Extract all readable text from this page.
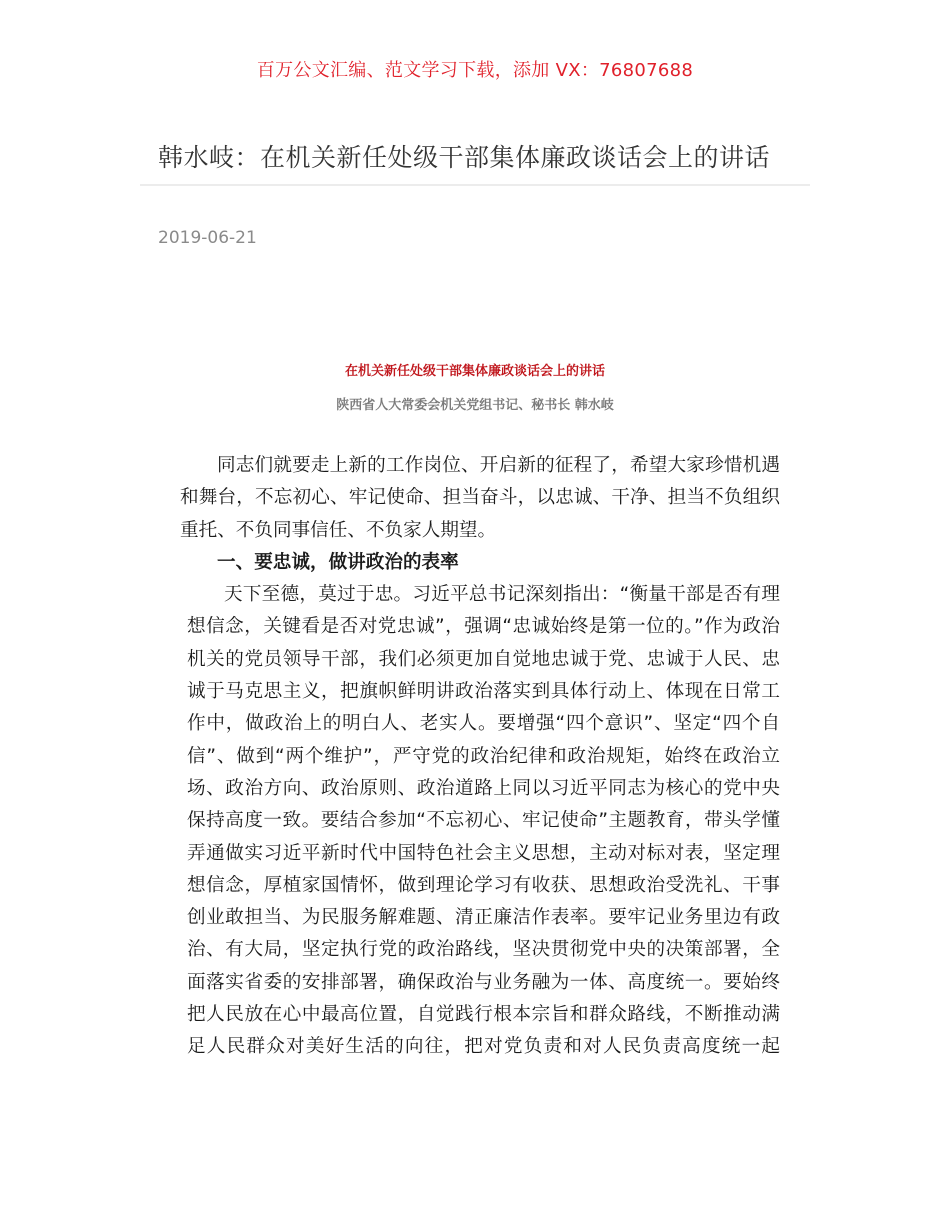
百万公文汇编、范文学习下载，添加 VX：76807688
韩水岐：在机关新任处级干部集体廉政谈话会上的讲话
2019-06-21
在机关新任处级干部集体廉政谈话会上的讲话
陕西省人大常委会机关党组书记、秘书长 韩水岐

同志们就要走上新的工作岗位、开启新的征程了，希望大家珍惜机遇和舞台，不忘初心、牢记使命、担当奋斗，以忠诚、干净、担当不负组织重托、不负同事信任、不负家人期望。

一、要忠诚，做讲政治的表率

天下至德，莫过于忠。习近平总书记深刻指出：“衡量干部是否有理想信念，关键看是否对党忠诚”，强调“忠诚始终是第一位的。”作为政治机关的党员领导干部，我们必须更加自觉地忠诚于党、忠诚于人民、忠诚于马克思主义，把旗帜鲜明讲政治落实到具体行动上、体现在日常工作中，做政治上的明白人、老实人。要增强“四个意识”、坚定“四个自信”、做到“两个维护”，严守党的政治纪律和政治规矩，始终在政治立场、政治方向、政治原则、政治道路上同以习近平同志为核心的党中央保持高度一致。要结合参加“不忘初心、牢记使命”主题教育，带头学懂弄通做实习近平新时代中国特色社会主义思想，主动对标对表，坚定理想信念，厚植家国情怀，做到理论学习有收获、思想政治受洗礼、干事创业敢担当、为民服务解难题、清正廉洁作表率。要牢记业务里边有政治、有大局，坚定执行党的政治路线，坚决贯彻党中央的决策部署，全面落实省委的安排部署，确保政治与业务融为一体、高度统一。要始终把人民放在心中最高位置，自觉践行根本宗旨和群众路线，不断推动满足人民群众对美好生活的向往，把对党负责和对人民负责高度统一起
